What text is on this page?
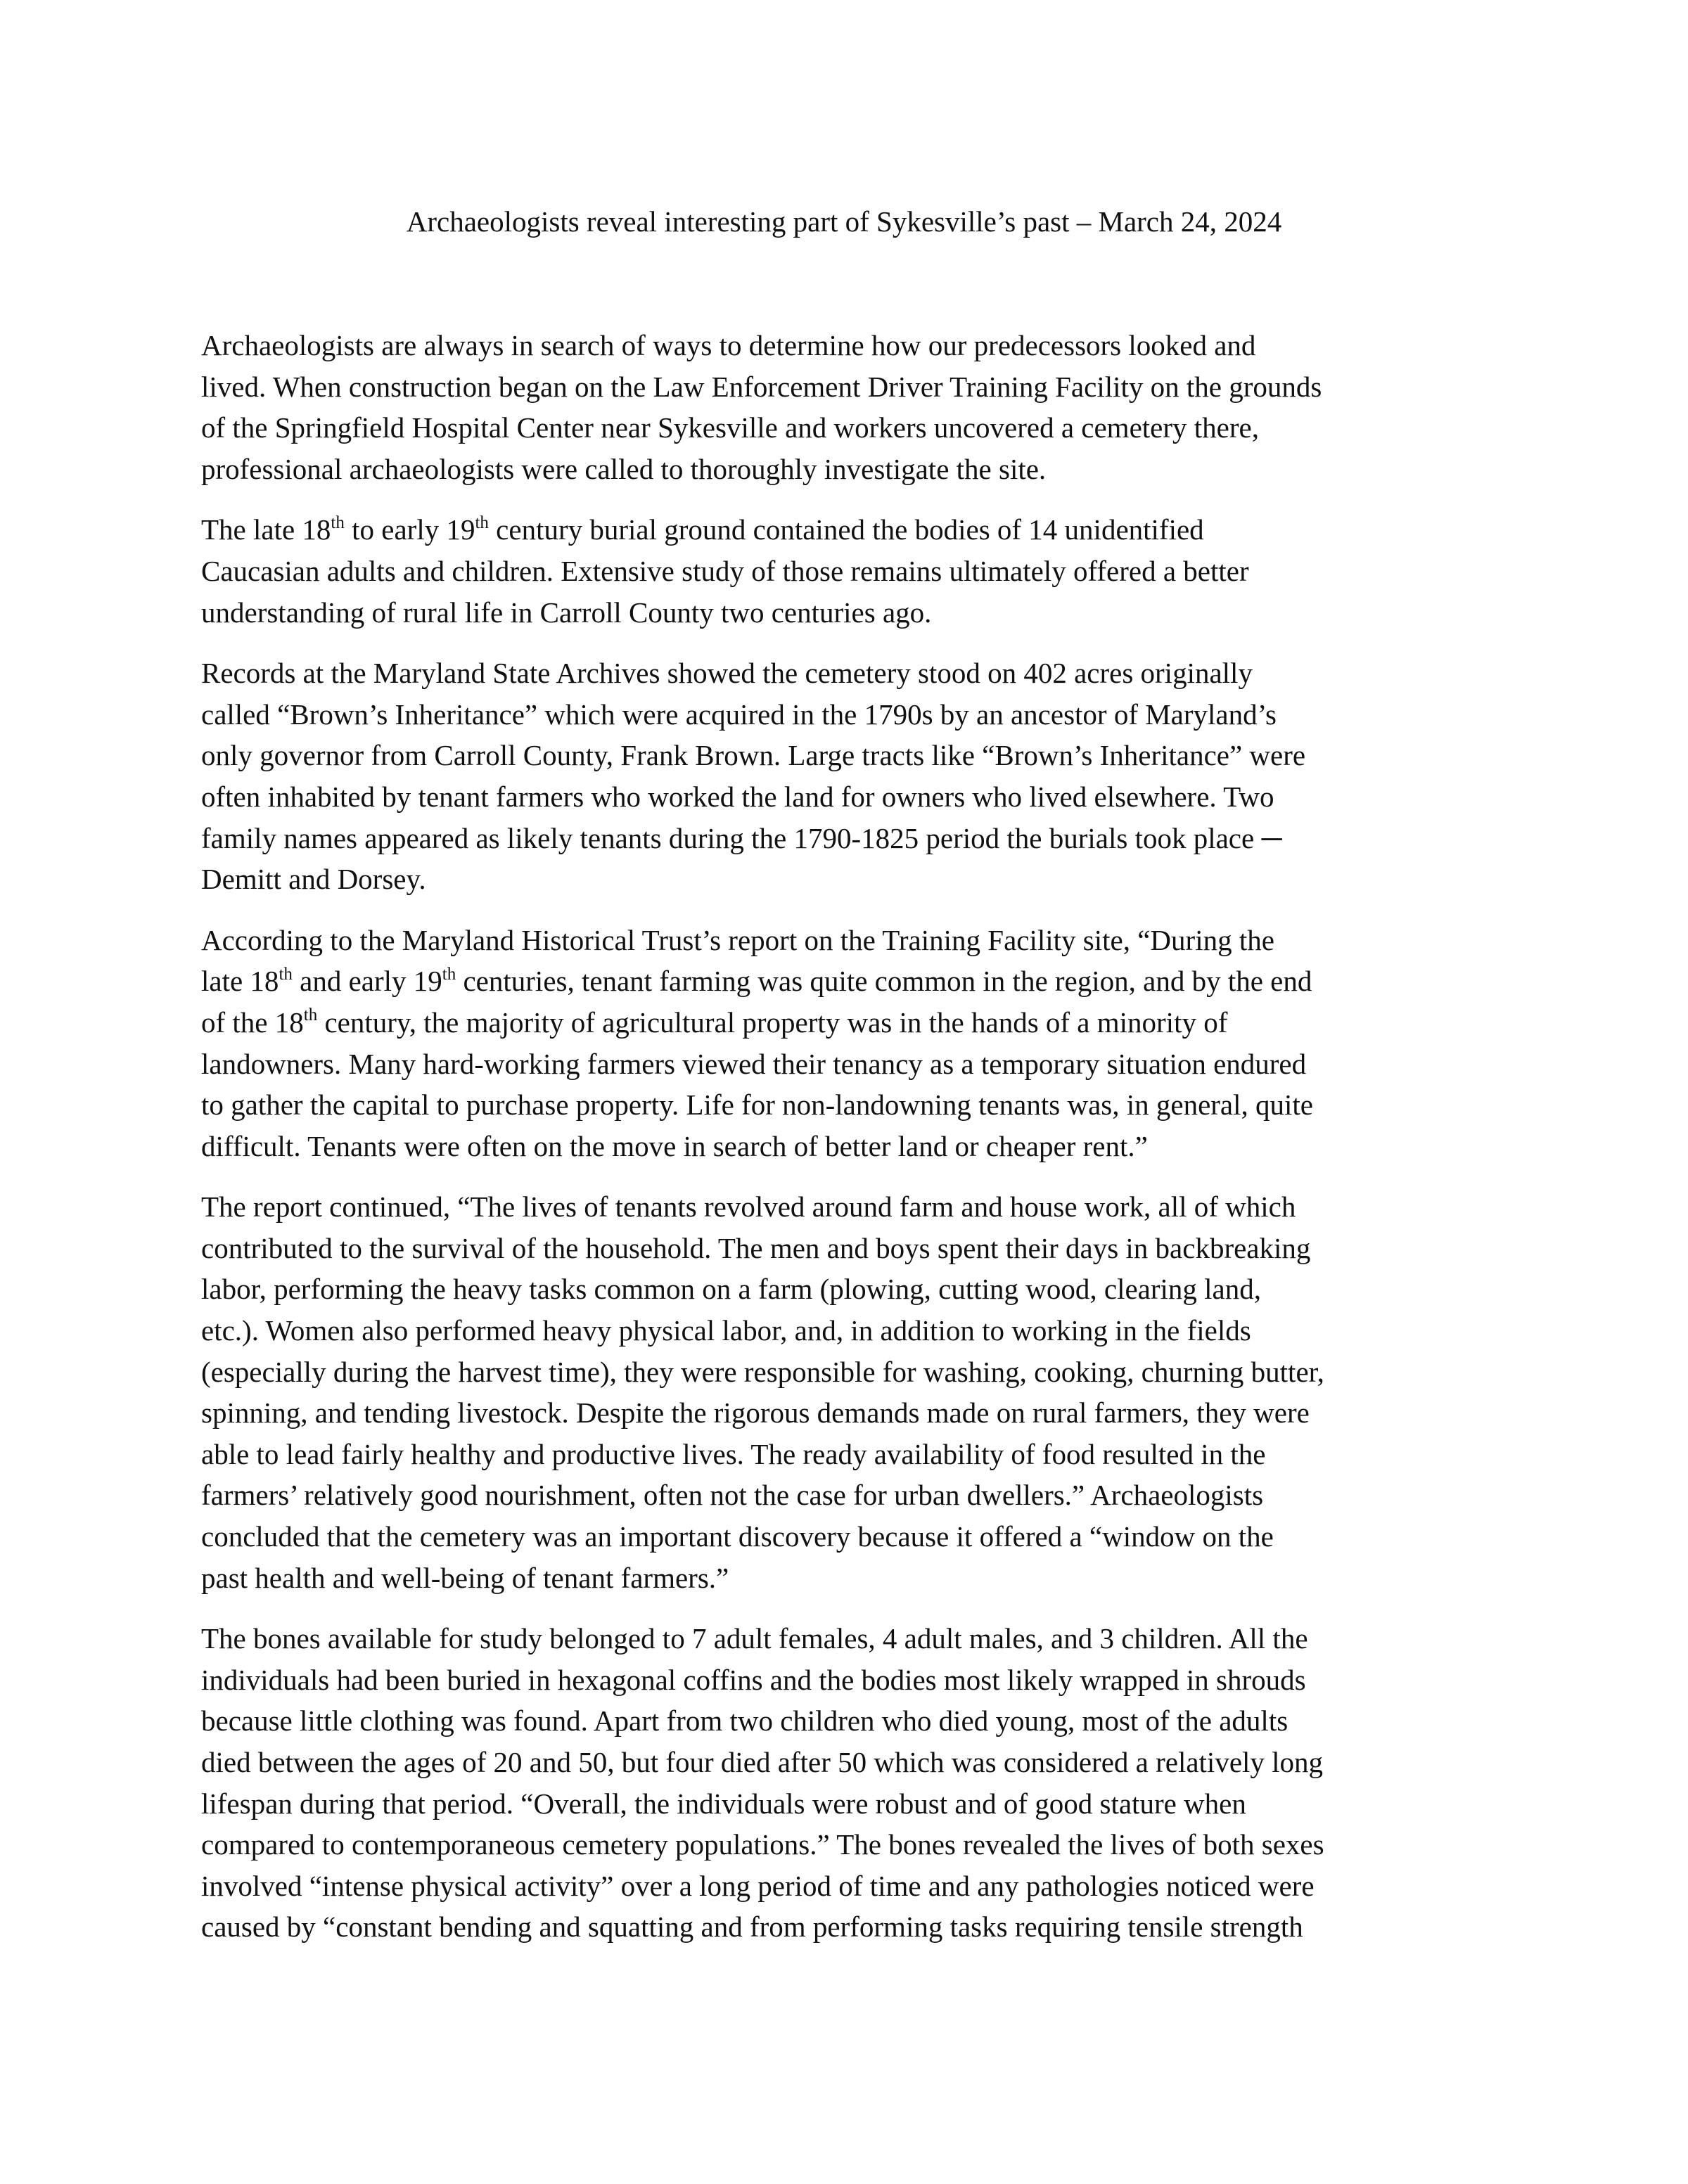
Archaeologists reveal interesting part of Sykesville’s past – March 24, 2024

Archaeologists are always in search of ways to determine how our predecessors looked and
lived. When construction began on the Law Enforcement Driver Training Facility on the grounds
of the Springfield Hospital Center near Sykesville and workers uncovered a cemetery there,
professional archaeologists were called to thoroughly investigate the site.

The late 18th to early 19th century burial ground contained the bodies of 14 unidentified
Caucasian adults and children. Extensive study of those remains ultimately offered a better
understanding of rural life in Carroll County two centuries ago.

Records at the Maryland State Archives showed the cemetery stood on 402 acres originally
called “Brown’s Inheritance” which were acquired in the 1790s by an ancestor of Maryland’s
only governor from Carroll County, Frank Brown. Large tracts like “Brown’s Inheritance” were
often inhabited by tenant farmers who worked the land for owners who lived elsewhere. Two
family names appeared as likely tenants during the 1790-1825 period the burials took place ─
Demitt and Dorsey.

According to the Maryland Historical Trust’s report on the Training Facility site, “During the
late 18th and early 19th centuries, tenant farming was quite common in the region, and by the end
of the 18th century, the majority of agricultural property was in the hands of a minority of
landowners. Many hard-working farmers viewed their tenancy as a temporary situation endured
to gather the capital to purchase property. Life for non-landowning tenants was, in general, quite
difficult. Tenants were often on the move in search of better land or cheaper rent.”

The report continued, “The lives of tenants revolved around farm and house work, all of which
contributed to the survival of the household. The men and boys spent their days in backbreaking
labor, performing the heavy tasks common on a farm (plowing, cutting wood, clearing land,
etc.). Women also performed heavy physical labor, and, in addition to working in the fields
(especially during the harvest time), they were responsible for washing, cooking, churning butter,
spinning, and tending livestock. Despite the rigorous demands made on rural farmers, they were
able to lead fairly healthy and productive lives. The ready availability of food resulted in the
farmers’ relatively good nourishment, often not the case for urban dwellers.” Archaeologists
concluded that the cemetery was an important discovery because it offered a “window on the
past health and well-being of tenant farmers.”

The bones available for study belonged to 7 adult females, 4 adult males, and 3 children. All the
individuals had been buried in hexagonal coffins and the bodies most likely wrapped in shrouds
because little clothing was found. Apart from two children who died young, most of the adults
died between the ages of 20 and 50, but four died after 50 which was considered a relatively long
lifespan during that period. “Overall, the individuals were robust and of good stature when
compared to contemporaneous cemetery populations.” The bones revealed the lives of both sexes
involved “intense physical activity” over a long period of time and any pathologies noticed were
caused by “constant bending and squatting and from performing tasks requiring tensile strength
